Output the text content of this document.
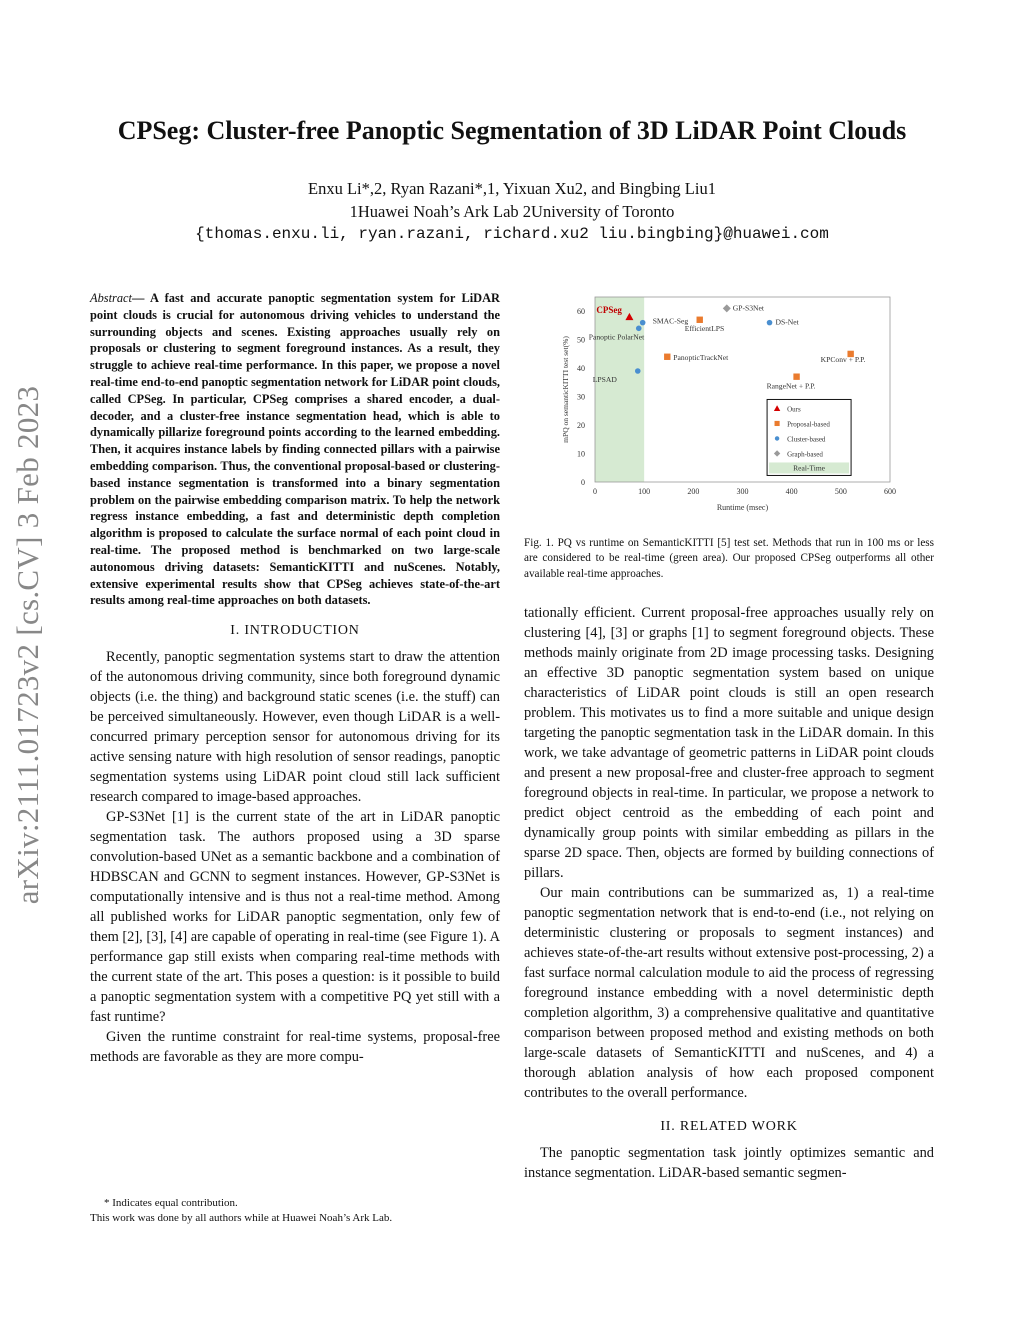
arXiv:2111.01723v2 [cs.CV] 3 Feb 2023
CPSeg: Cluster-free Panoptic Segmentation of 3D LiDAR Point Clouds
Enxu Li*,2, Ryan Razani*,1, Yixuan Xu2, and Bingbing Liu1
1Huawei Noah’s Ark Lab 2University of Toronto
{thomas.enxu.li, ryan.razani, richard.xu2 liu.bingbing}@huawei.com

Abstract— A fast and accurate panoptic segmentation system for LiDAR point clouds is crucial for autonomous driving vehicles to understand the surrounding objects and scenes. Existing approaches usually rely on proposals or clustering to segment foreground instances. As a result, they struggle to achieve real-time performance. In this paper, we propose a novel real-time end-to-end panoptic segmentation network for LiDAR point clouds, called CPSeg. In particular, CPSeg comprises a shared encoder, a dual-decoder, and a cluster-free instance segmentation head, which is able to dynamically pillarize foreground points according to the learned embedding. Then, it acquires instance labels by finding connected pillars with a pairwise embedding comparison. Thus, the conventional proposal-based or clustering-based instance segmentation is transformed into a binary segmentation problem on the pairwise embedding comparison matrix. To help the network regress instance embedding, a fast and deterministic depth completion algorithm is proposed to calculate the surface normal of each point cloud in real-time. The proposed method is benchmarked on two large-scale autonomous driving datasets: SemanticKITTI and nuScenes. Notably, extensive experimental results show that CPSeg achieves state-of-the-art results among real-time approaches on both datasets.

I. INTRODUCTION

Recently, panoptic segmentation systems start to draw the attention of the autonomous driving community, since both foreground dynamic objects (i.e. the thing) and background static scenes (i.e. the stuff) can be perceived simultaneously. However, even though LiDAR is a well-concurred primary perception sensor for autonomous driving for its active sensing nature with high resolution of sensor readings, panoptic segmentation systems using LiDAR point cloud still lack sufficient research compared to image-based approaches.

GP-S3Net [1] is the current state of the art in LiDAR panoptic segmentation task. The authors proposed using a 3D sparse convolution-based UNet as a semantic backbone and a combination of HDBSCAN and GCNN to segment instances. However, GP-S3Net is computationally intensive and is thus not a real-time method. Among all published works for LiDAR panoptic segmentation, only few of them [2], [3], [4] are capable of operating in real-time (see Figure 1). A performance gap still exists when comparing real-time methods with the current state of the art. This poses a question: is it possible to build a panoptic segmentation system with a competitive PQ yet still with a fast runtime?

Given the runtime constraint for real-time systems, proposal-free methods are favorable as they are more compu-

* Indicates equal contribution.
This work was done by all authors while at Huawei Noah’s Ark Lab.
0	100	200	300	400	500	600
0
10
20
30
40
50
60
Runtime (msec)
mPQ on semanticKITTI test set(%)
CPSeg
EfficientLPS
PanopticTrackNet	KPConv + P.P.
RangeNet + P.P.
Panoptic PolarNet
SMAC-Seg	DS-Net
LPSAD
GP-S3Net
Ours
Proposal-based
Cluster-based
Graph-based
Real-Time
Fig. 1. PQ vs runtime on SemanticKITTI [5] test set. Methods that run in 100 ms or less are considered to be real-time (green area). Our proposed CPSeg outperforms all other available real-time approaches.

tationally efficient. Current proposal-free approaches usually rely on clustering [4], [3] or graphs [1] to segment foreground objects. These methods mainly originate from 2D image processing tasks. Designing an effective 3D panoptic segmentation system based on unique characteristics of LiDAR point clouds is still an open research problem. This motivates us to find a more suitable and unique design targeting the panoptic segmentation task in the LiDAR domain. In this work, we take advantage of geometric patterns in LiDAR point clouds and present a new proposal-free and cluster-free approach to segment foreground objects in real-time. In particular, we propose a network to predict object centroid as the embedding of each point and dynamically group points with similar embedding as pillars in the sparse 2D space. Then, objects are formed by building connections of pillars.

Our main contributions can be summarized as, 1) a real-time panoptic segmentation network that is end-to-end (i.e., not relying on deterministic clustering or proposals to segment instances) and achieves state-of-the-art results without extensive post-processing, 2) a fast surface normal calculation module to aid the process of regressing foreground instance embedding with a novel deterministic depth completion algorithm, 3) a comprehensive qualitative and quantitative comparison between proposed method and existing methods on both large-scale datasets of SemanticKITTI and nuScenes, and 4) a thorough ablation analysis of how each proposed component contributes to the overall performance.

II. RELATED WORK

The panoptic segmentation task jointly optimizes semantic and instance segmentation. LiDAR-based semantic segmen-
